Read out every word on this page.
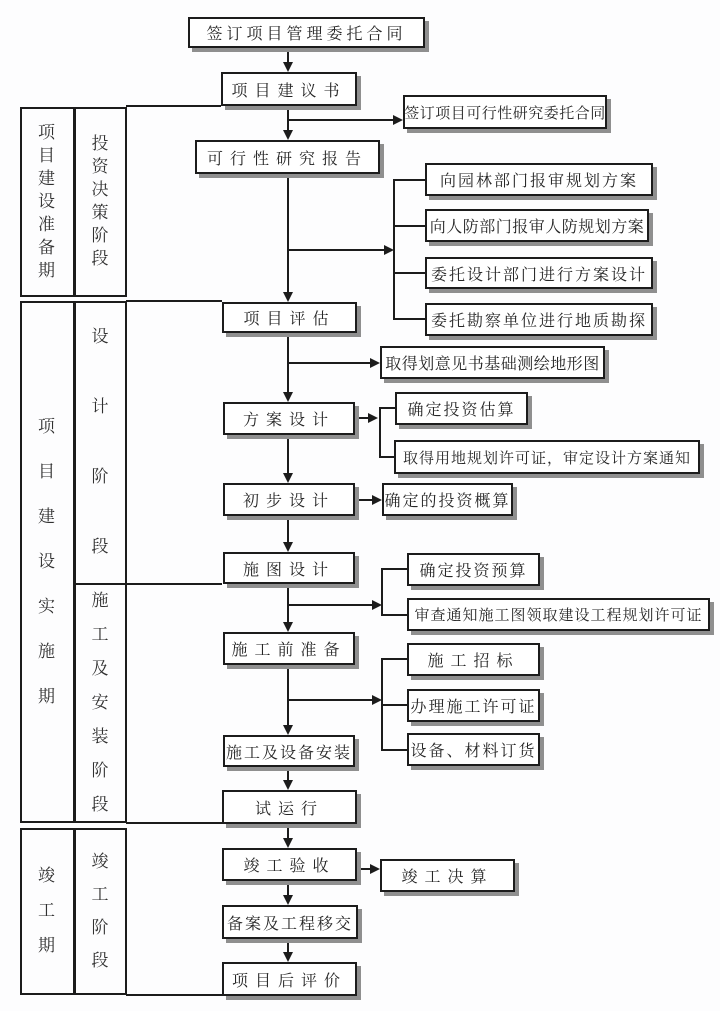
项目建设准备期
投资决策阶段
项目建设实施期
设计阶段
施工及安装阶段
竣工期
竣工阶段
签订项目管理委托合同
项目建议书
可行性研究报告
项目评估
方案设计
初步设计
施图设计
施工前准备
施工及设备安装
试运行
竣工验收
备案及工程移交
项目后评价
签订项目可行性研究委托合同
向园林部门报审规划方案
向人防部门报审人防规划方案
委托设计部门进行方案设计
委托勘察单位进行地质勘探
取得划意见书基础测绘地形图
确定投资估算
取得用地规划许可证，审定设计方案通知
确定的投资概算
确定投资预算
审查通知施工图领取建设工程规划许可证
施工招标
办理施工许可证
设备、材料订货
竣工决算
